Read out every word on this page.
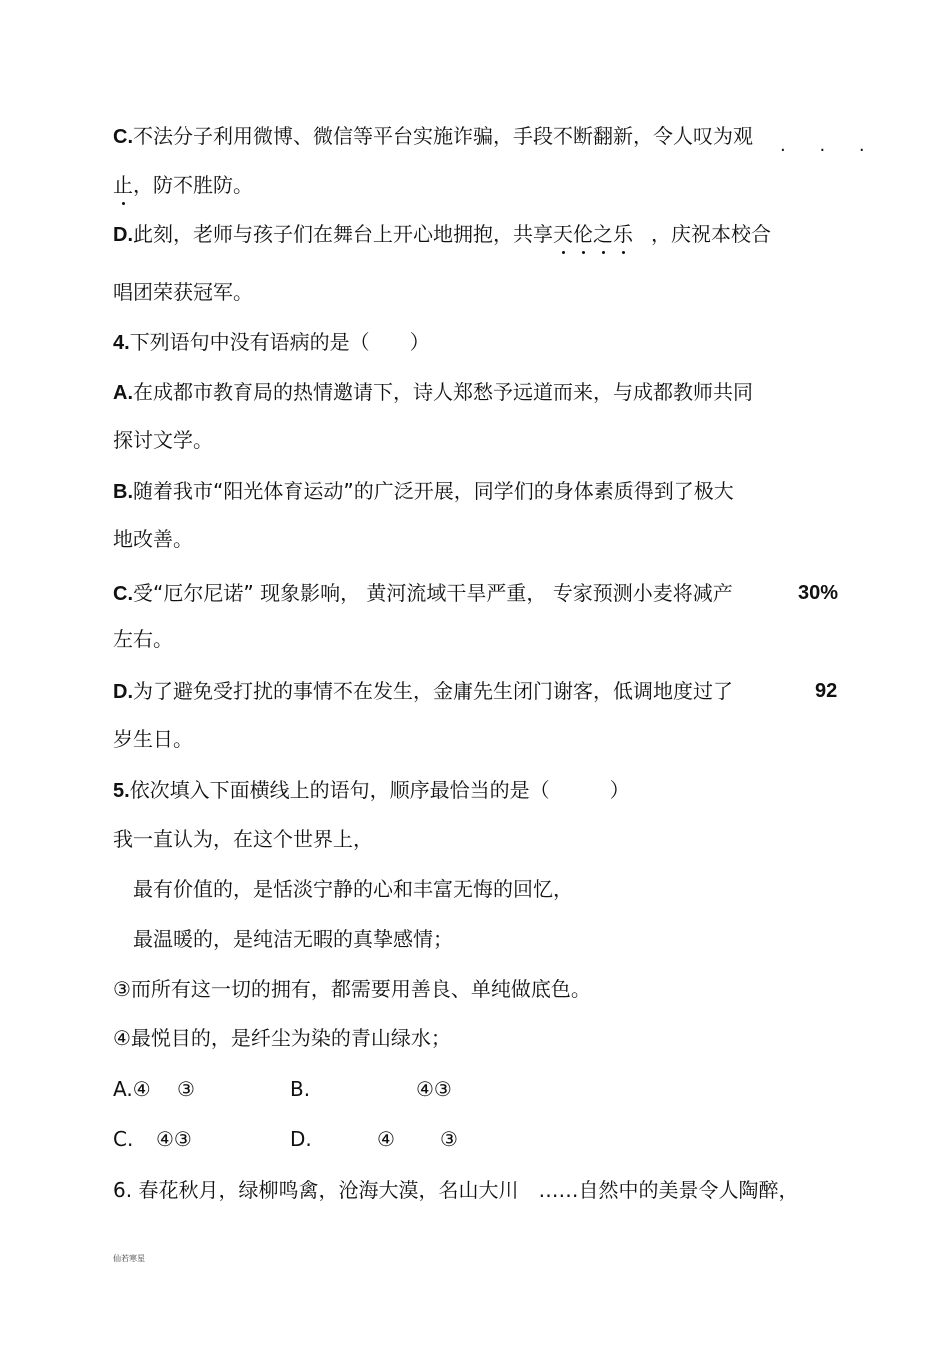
C.不法分子利用微博、微信等平台实施诈骗，手段不断翻新，令人叹为观 . . .
止，防不胜防。
D.此刻，老师与孩子们在舞台上开心地拥抱，共享天伦之乐 ，庆祝本校合
唱团荣获冠军。
4.下列语句中没有语病的是（　　）
A.在成都市教育局的热情邀请下，诗人郑愁予远道而来，与成都教师共同
探讨文学。
B.随着我市“阳光体育运动”的广泛开展，同学们的身体素质得到了极大
地改善。
C.受“厄尔尼诺” 现象影响， 黄河流域干旱严重， 专家预测小麦将减产	30%
左右。
D.为了避免受打扰的事情不在发生，金庸先生闭门谢客，低调地度过了	92
岁生日。
5.依次填入下面横线上的语句，顺序最恰当的是（　　　）
我一直认为，在这个世界上，
最有价值的，是恬淡宁静的心和丰富无悔的回忆，
最温暖的，是纯洁无暇的真挚感情；
③而所有这一切的拥有，都需要用善良、单纯做底色。
④最悦目的，是纤尘为染的青山绿水；
A.④ ③	B.	④③
C. ④③	D.	④ ③
6. 春花秋月，绿柳鸣禽，沧海大漠，名山大川　……自然中的美景令人陶醉，
仙若寒星
